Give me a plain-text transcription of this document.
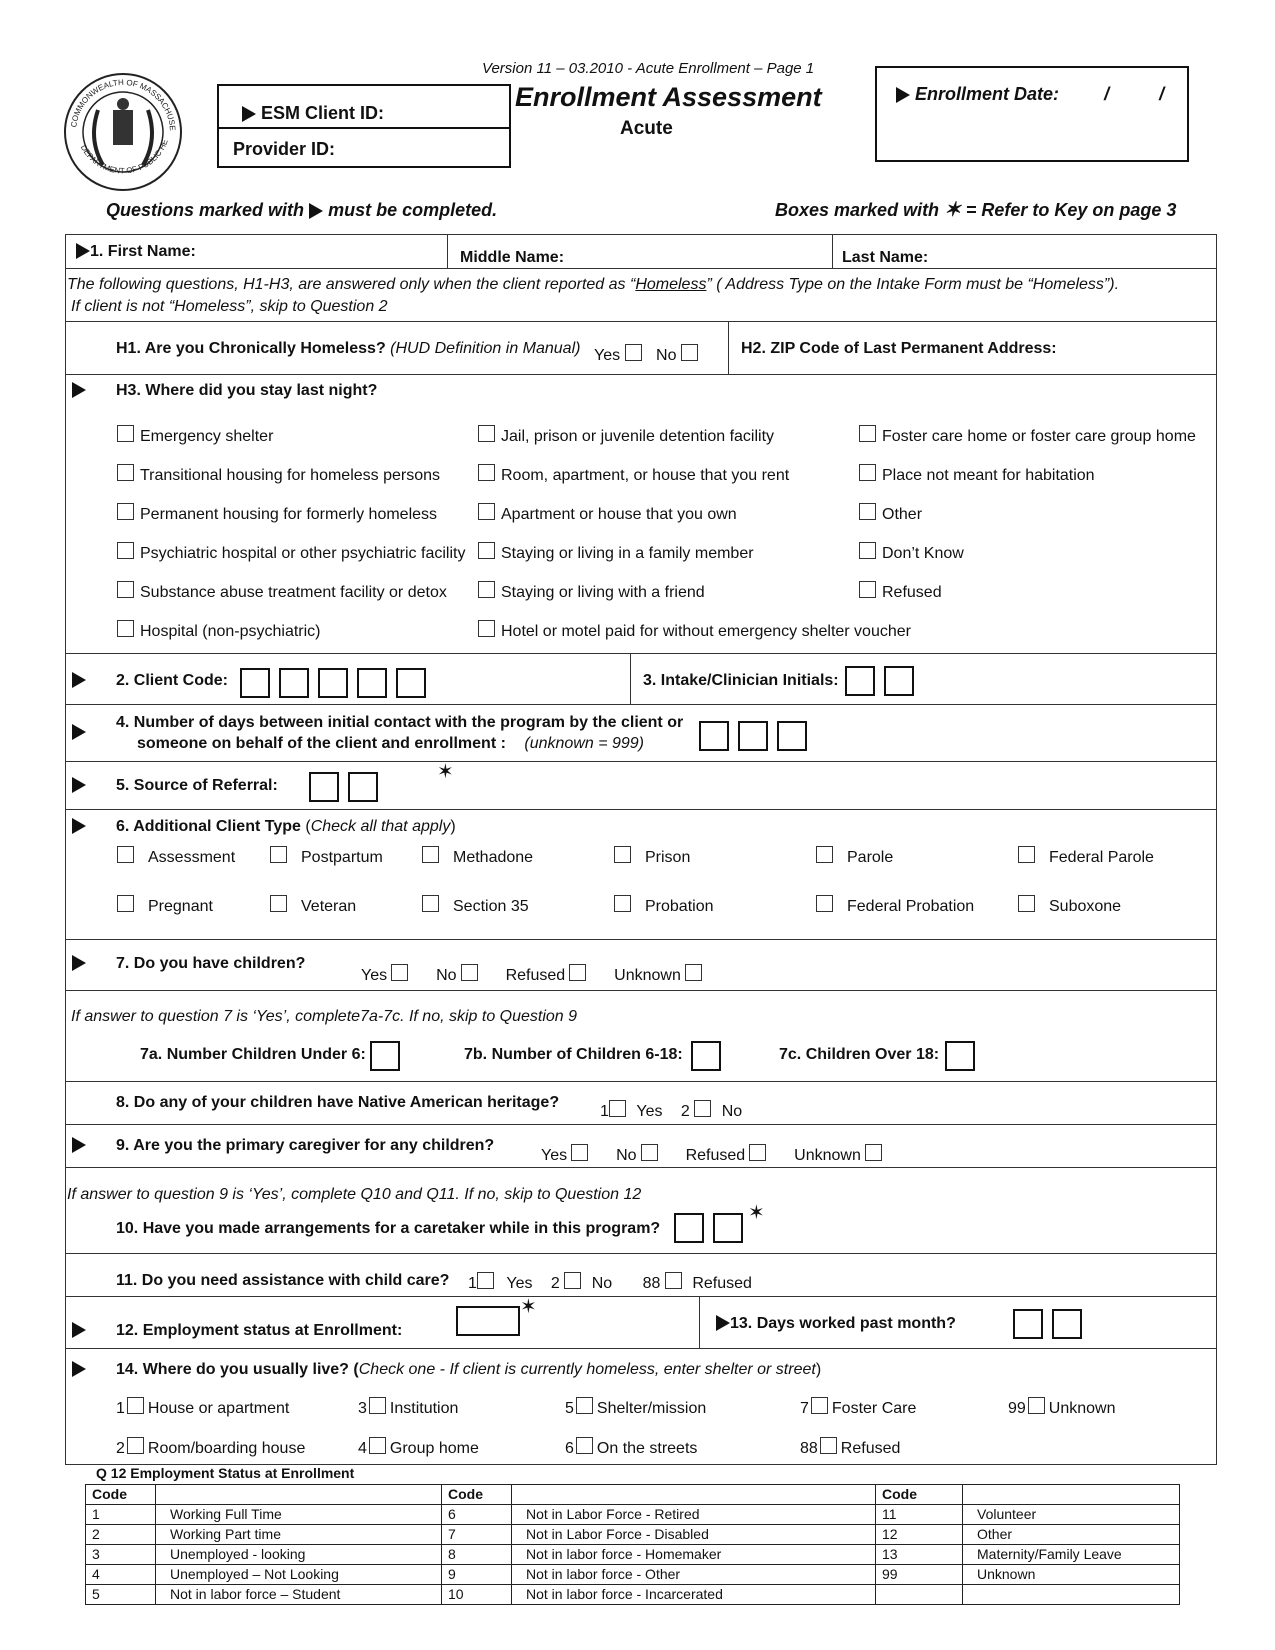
COMMONWEALTH OF MASSACHUSE
DEPARTMENT OF PUBLIC HE
Version 11 – 03.2010 - Acute Enrollment – Page 1
Enrollment Assessment
Acute
ESM Client ID:
Provider ID:
Enrollment Date:	/          /
Questions marked with must be completed.	Boxes marked with ✶ = Refer to Key on page 3
1. First Name:	Middle Name:	Last Name:
The following questions, H1-H3, are answered only when the client reported as “Homeless” ( Address Type on the Intake Form must be “Homeless”).
If client is not “Homeless”, skip to Question 2
H1. Are you Chronically Homeless? (HUD Definition in Manual) Yes No	H2. ZIP Code of Last Permanent Address:
H3. Where did you stay last night?
Emergency shelter
Transitional housing for homeless persons
Permanent housing for formerly homeless
Psychiatric hospital or other psychiatric facility
Substance abuse treatment facility or detox
Hospital (non-psychiatric)
Jail, prison or juvenile detention facility
Room, apartment, or house that you rent
Apartment or house that you own
Staying or living in a family member
Staying or living with a friend
Hotel or motel paid for without emergency shelter voucher
Foster care home or foster care group home
Place not meant for habitation
Other
Don’t Know
Refused
2. Client Code:	3. Intake/Clinician Initials:
4. Number of days between initial contact with the program by the client or
someone on behalf of the client and enrollment : (unknown = 999)
5. Source of Referral:
✶
6. Additional Client Type (Check all that apply)
Assessment	Postpartum	Methadone	Prison	Parole	Federal Parole
Pregnant	Veteran	Section 35	Probation	Federal Probation	Suboxone
7. Do you have children?
Yes	No	Refused	Unknown
If answer to question 7 is ‘Yes’, complete7a-7c. If no, skip to Question 9
7a. Number Children Under 6:	7b. Number of Children 6-18:	7c. Children Over 18:
8. Do any of your children have Native American heritage?
1 Yes 2 No
9. Are you the primary caregiver for any children?
Yes	No	Refused	Unknown
If answer to question 9 is ‘Yes’, complete Q10 and Q11. If no, skip to Question 12
10. Have you made arrangements for a caretaker while in this program?
✶
11. Do you need assistance with child care? 1 Yes 2 No 88 Refused
12. Employment status at Enrollment:
✶
13. Days worked past month?
14. Where do you usually live? (Check one - If client is currently homeless, enter shelter or street)
1 House or apartment	3 Institution	5 Shelter/mission	7 Foster Care	99 Unknown
2 Room/boarding house	4 Group home	6 On the streets	88 Refused
Q 12 Employment Status at Enrollment
Code		Code		Code	
1	Working Full Time	6	Not in Labor Force - Retired	11	Volunteer
2	Working Part time	7	Not in Labor Force - Disabled	12	Other
3	Unemployed - looking	8	Not in labor force - Homemaker	13	Maternity/Family Leave
4	Unemployed – Not Looking	9	Not in labor force - Other	99	Unknown
5	Not in labor force – Student	10	Not in labor force - Incarcerated		
